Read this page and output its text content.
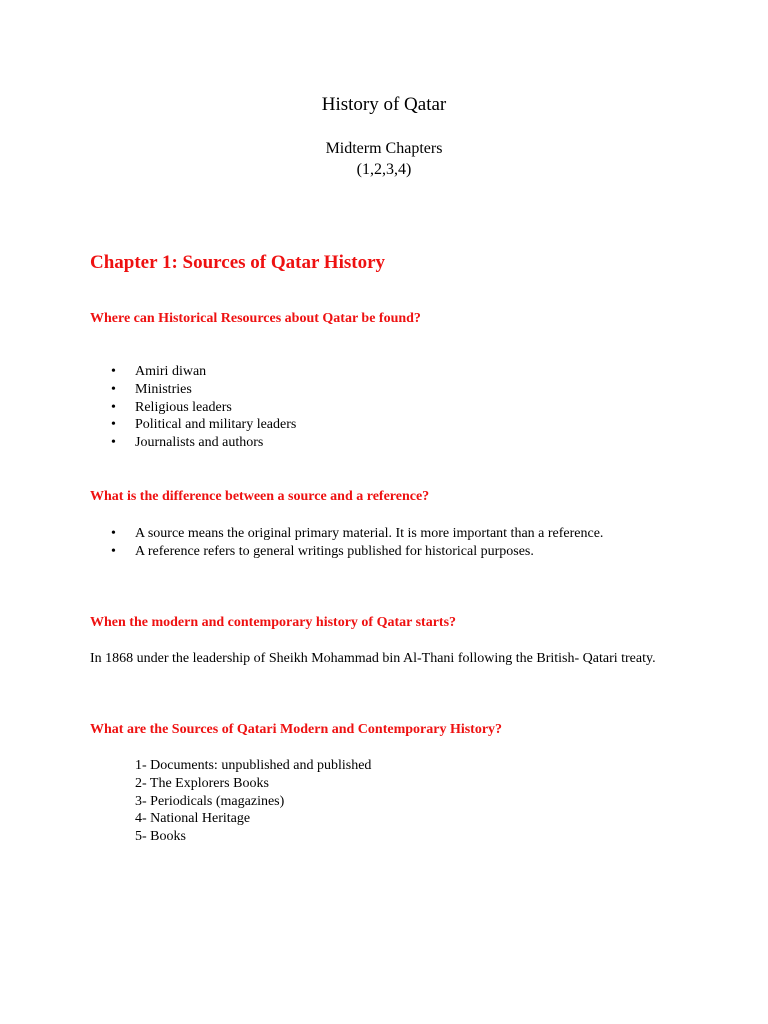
History of Qatar
Midterm Chapters
(1,2,3,4)
Chapter 1: Sources of Qatar History
Where can Historical Resources about Qatar be found?
• Amiri diwan
• Ministries
• Religious leaders
• Political and military leaders
• Journalists and authors
What is the difference between a source and a reference?
• A source means the original primary material. It is more important than a reference.
• A reference refers to general writings published for historical purposes.
When the modern and contemporary history of Qatar starts?
In 1868 under the leadership of Sheikh Mohammad bin Al-Thani following the British- Qatari treaty.
What are the Sources of Qatari Modern and Contemporary History?
1- Documents: unpublished and published
2- The Explorers Books
3- Periodicals (magazines)
4- National Heritage
5- Books
